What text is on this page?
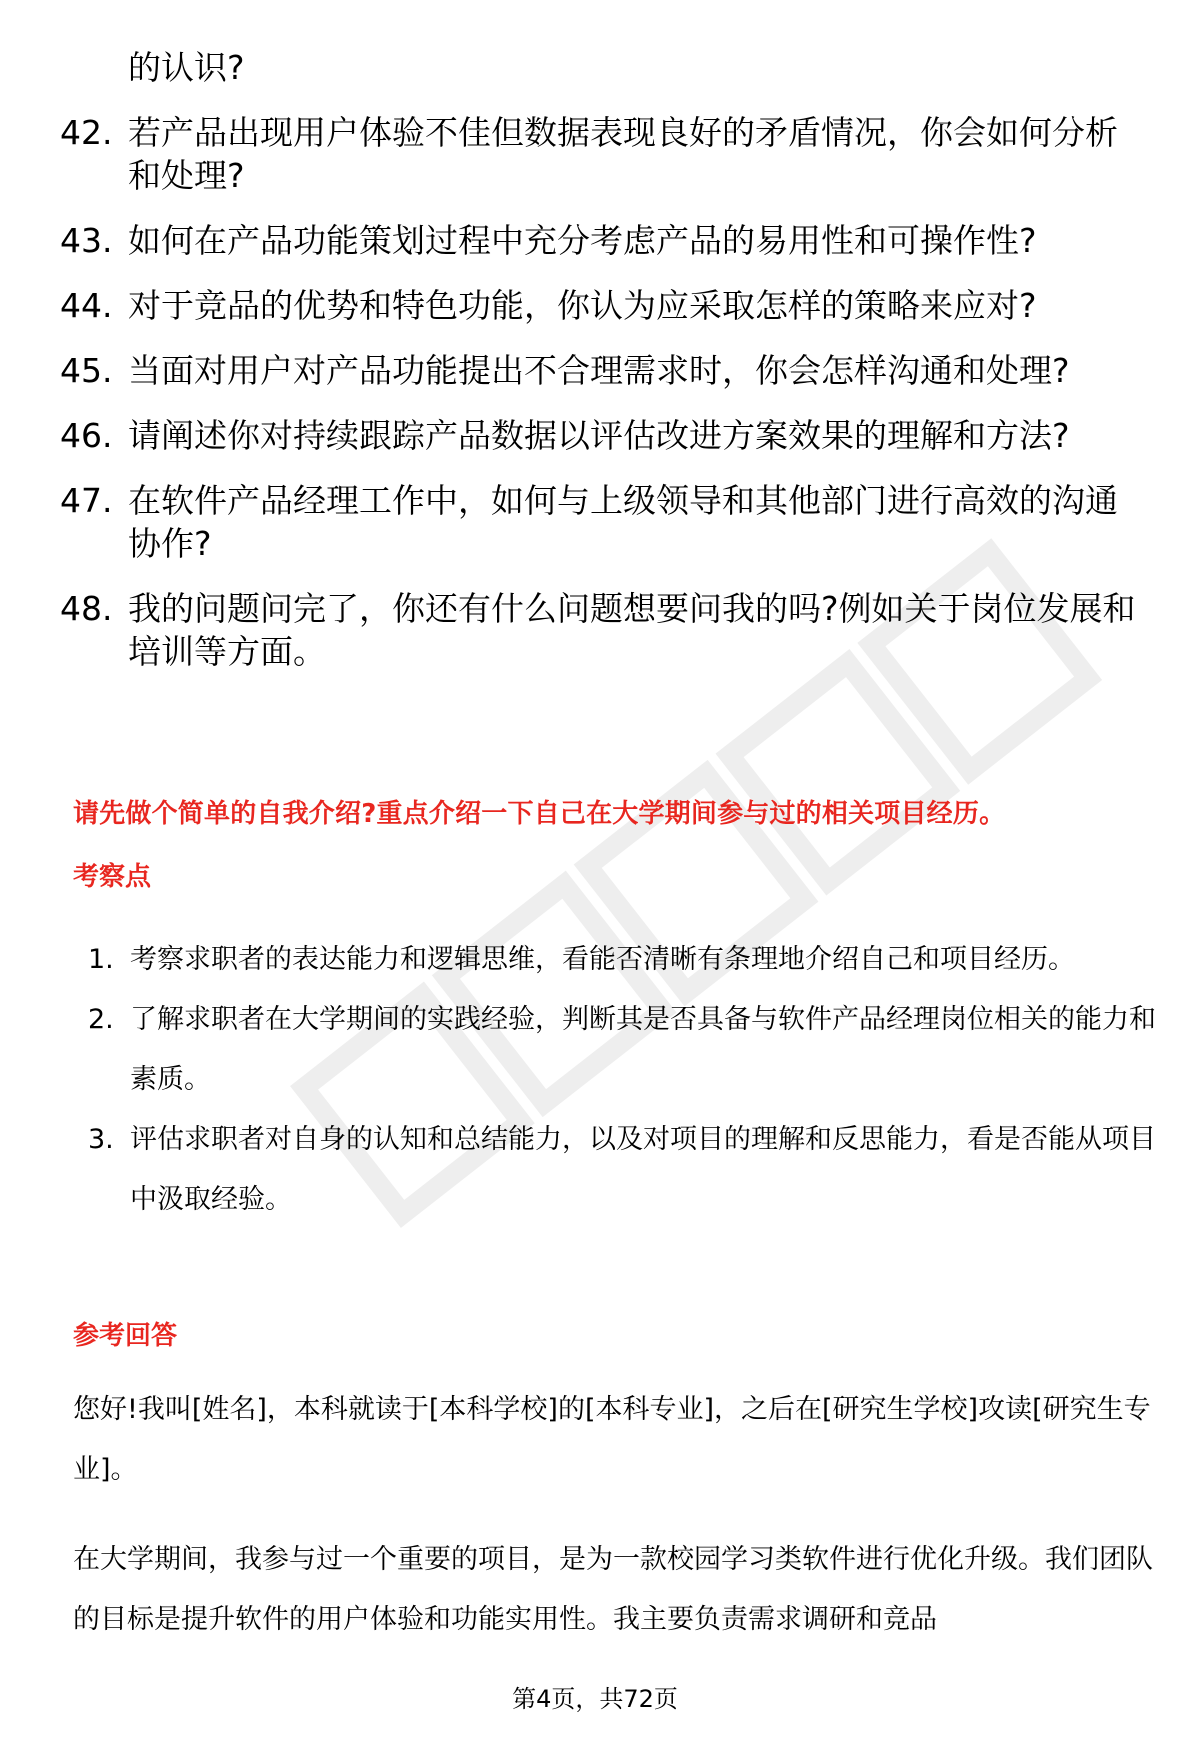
的认识?
42. 若产品出现用户体验不佳但数据表现良好的矛盾情况，你会如何分析和处理?
43. 如何在产品功能策划过程中充分考虑产品的易用性和可操作性?
44. 对于竞品的优势和特色功能，你认为应采取怎样的策略来应对?
45. 当面对用户对产品功能提出不合理需求时，你会怎样沟通和处理?
46. 请阐述你对持续跟踪产品数据以评估改进方案效果的理解和方法?
47. 在软件产品经理工作中，如何与上级领导和其他部门进行高效的沟通协作?
48. 我的问题问完了，你还有什么问题想要问我的吗?例如关于岗位发展和培训等方面。
请先做个简单的自我介绍?重点介绍一下自己在大学期间参与过的相关项目经历。
考察点
1. 考察求职者的表达能力和逻辑思维，看能否清晰有条理地介绍自己和项目经历。
2. 了解求职者在大学期间的实践经验，判断其是否具备与软件产品经理岗位相关的能力和素质。
3. 评估求职者对自身的认知和总结能力，以及对项目的理解和反思能力，看是否能从项目中汲取经验。
参考回答
您好!我叫[姓名]，本科就读于[本科学校]的[本科专业]，之后在[研究生学校]攻读[研究生专业]。
在大学期间，我参与过一个重要的项目，是为一款校园学习类软件进行优化升级。我们团队的目标是提升软件的用户体验和功能实用性。我主要负责需求调研和竞品
第4页，共72页
